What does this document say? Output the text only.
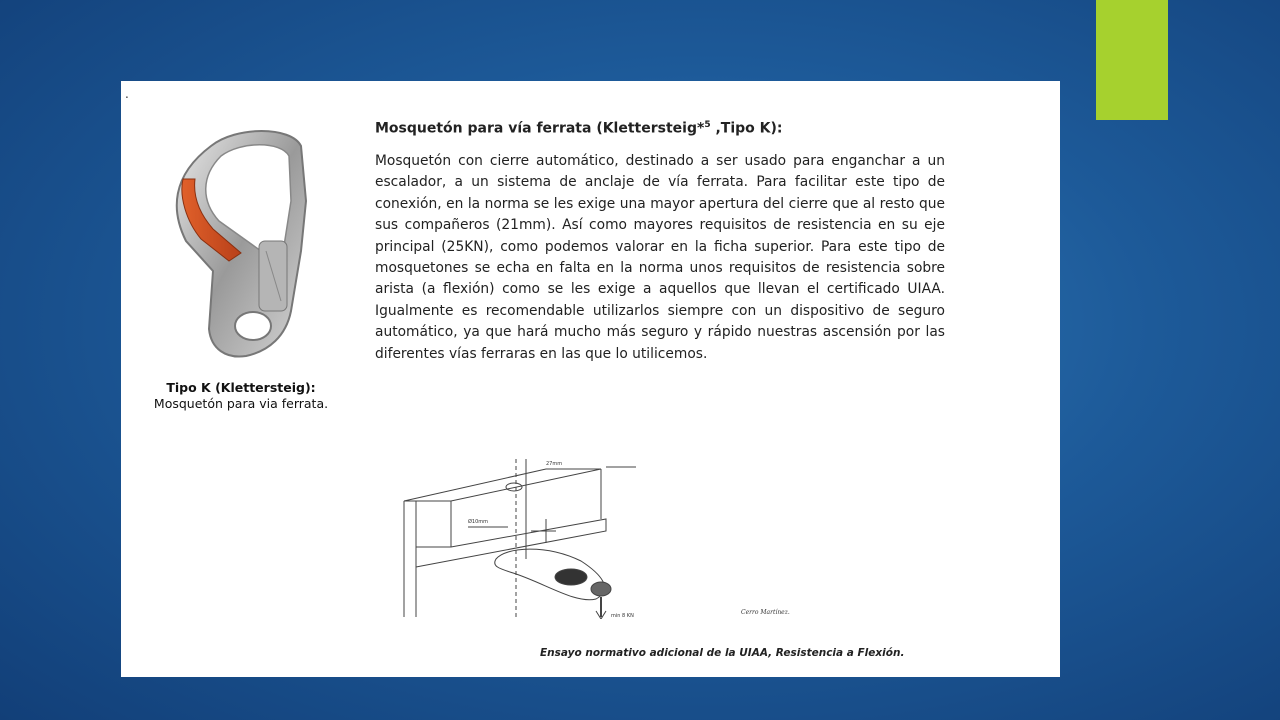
.
Tipo K (Klettersteig):
Mosquetón para via ferrata.
Mosquetón para vía ferrata (Klettersteig*$^5$ ,Tipo K):
Mosquetón con cierre automático, destinado a ser usado para enganchar a un escalador, a un sistema de anclaje de vía ferrata. Para facilitar este tipo de conexión, en la norma se les exige una mayor apertura del cierre que al resto que sus compañeros (21mm). Así como mayores requisitos de resistencia en su eje principal (25KN), como podemos valorar en la ficha superior. Para este tipo de mosquetones se echa en falta en la norma unos requisitos de resistencia sobre arista (a flexión) como se les exige a aquellos que llevan el certificado UIAA. Igualmente es recomendable utilizarlos siempre con un dispositivo de seguro automático, ya que hará mucho más seguro y rápido nuestras ascensión por las diferentes vías ferraras en las que lo utilicemos.
27mm
Ø10mm
min 8 KN	Cerro Martínez.
Ensayo normativo adicional de la UIAA, Resistencia a Flexión.
